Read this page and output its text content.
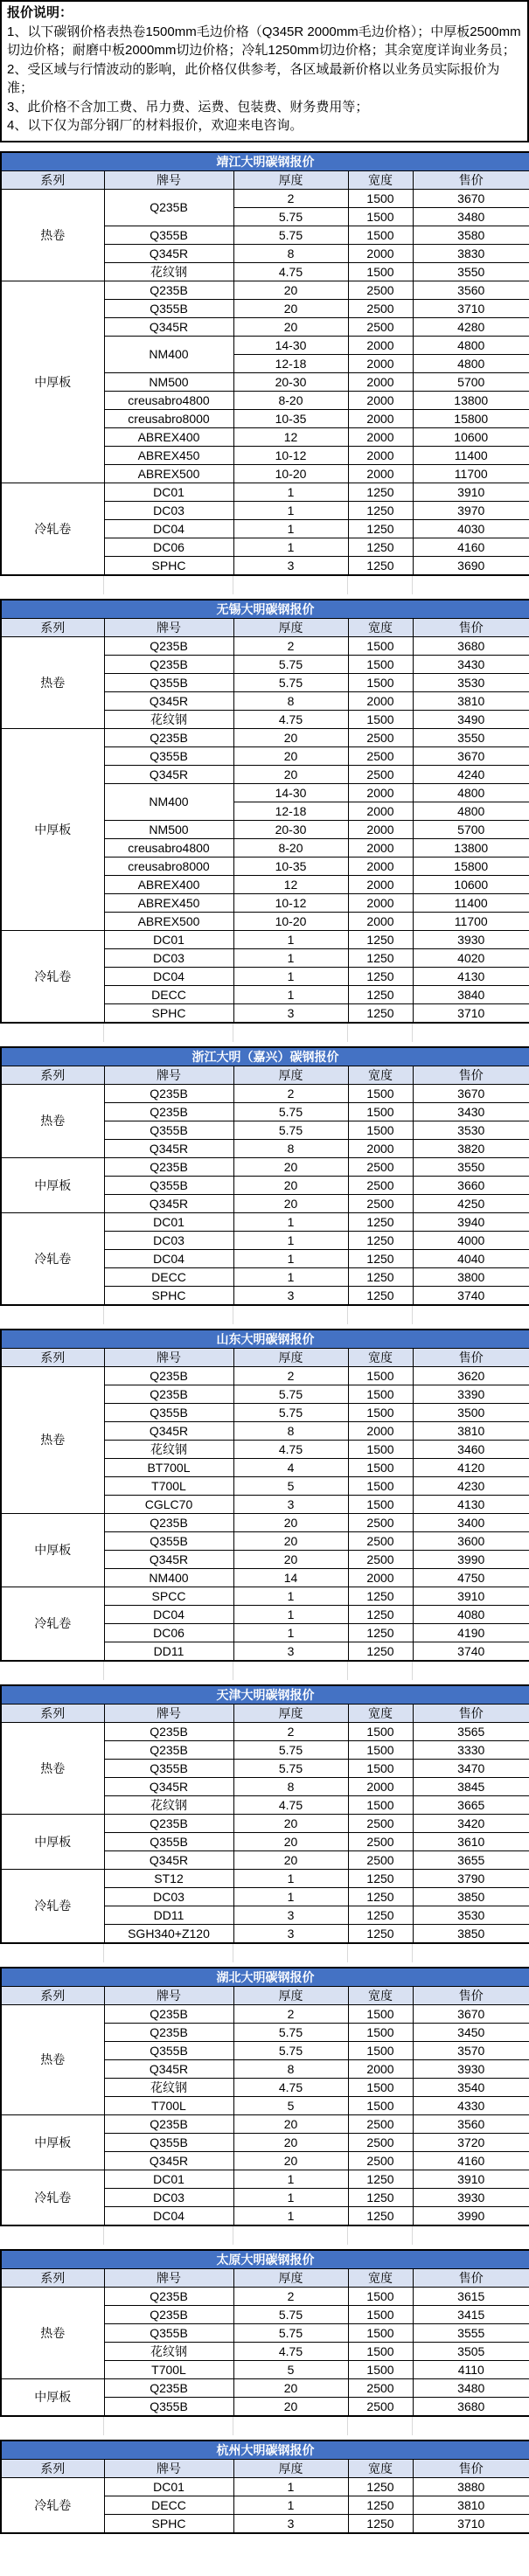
报价说明：

1、以下碳钢价格表热卷1500mm毛边价格（Q345R 2000mm毛边价格）；中厚板2500mm切边价格；耐磨中板2000mm切边价格；冷轧1250mm切边价格；其余宽度详询业务员；

2、受区域与行情波动的影响，此价格仅供参考，各区域最新价格以业务员实际报价为准；

3、此价格不含加工费、吊力费、运费、包装费、财务费用等；

4、以下仅为部分钢厂的材料报价，欢迎来电咨询。

靖江大明碳钢报价				
系列	牌号	厚度	宽度	售价
热卷	Q235B	2	1500	3670
		5.75	1500	3480
	Q355B	5.75	1500	3580
	Q345R	8	2000	3830
	花纹钢	4.75	1500	3550
中厚板	Q235B	20	2500	3560
	Q355B	20	2500	3710
	Q345R	20	2500	4280
	NM400	14-30	2000	4800
		12-18	2000	4800
	NM500	20-30	2000	5700
	creusabro4800	8-20	2000	13800
	creusabro8000	10-35	2000	15800
	ABREX400	12	2000	10600
	ABREX450	10-12	2000	11400
	ABREX500	10-20	2000	11700
冷轧卷	DC01	1	1250	3910
	DC03	1	1250	3970
	DC04	1	1250	4030
	DC06	1	1250	4160
	SPHC	3	1250	3690
无锡大明碳钢报价				
系列	牌号	厚度	宽度	售价
热卷	Q235B	2	1500	3680
	Q235B	5.75	1500	3430
	Q355B	5.75	1500	3530
	Q345R	8	2000	3810
	花纹钢	4.75	1500	3490
中厚板	Q235B	20	2500	3550
	Q355B	20	2500	3670
	Q345R	20	2500	4240
	NM400	14-30	2000	4800
		12-18	2000	4800
	NM500	20-30	2000	5700
	creusabro4800	8-20	2000	13800
	creusabro8000	10-35	2000	15800
	ABREX400	12	2000	10600
	ABREX450	10-12	2000	11400
	ABREX500	10-20	2000	11700
冷轧卷	DC01	1	1250	3930
	DC03	1	1250	4020
	DC04	1	1250	4130
	DECC	1	1250	3840
	SPHC	3	1250	3710
浙江大明（嘉兴）碳钢报价				
系列	牌号	厚度	宽度	售价
热卷	Q235B	2	1500	3670
	Q235B	5.75	1500	3430
	Q355B	5.75	1500	3530
	Q345R	8	2000	3820
中厚板	Q235B	20	2500	3550
	Q355B	20	2500	3660
	Q345R	20	2500	4250
冷轧卷	DC01	1	1250	3940
	DC03	1	1250	4000
	DC04	1	1250	4040
	DECC	1	1250	3800
	SPHC	3	1250	3740
山东大明碳钢报价				
系列	牌号	厚度	宽度	售价
热卷	Q235B	2	1500	3620
	Q235B	5.75	1500	3390
	Q355B	5.75	1500	3500
	Q345R	8	2000	3810
	花纹钢	4.75	1500	3460
	BT700L	4	1500	4120
	T700L	5	1500	4230
	CGLC70	3	1500	4130
中厚板	Q235B	20	2500	3400
	Q355B	20	2500	3600
	Q345R	20	2500	3990
	NM400	14	2000	4750
冷轧卷	SPCC	1	1250	3910
	DC04	1	1250	4080
	DC06	1	1250	4190
	DD11	3	1250	3740
天津大明碳钢报价				
系列	牌号	厚度	宽度	售价
热卷	Q235B	2	1500	3565
	Q235B	5.75	1500	3330
	Q355B	5.75	1500	3470
	Q345R	8	2000	3845
	花纹钢	4.75	1500	3665
中厚板	Q235B	20	2500	3420
	Q355B	20	2500	3610
	Q345R	20	2500	3655
冷轧卷	ST12	1	1250	3790
	DC03	1	1250	3850
	DD11	3	1250	3530
	SGH340+Z120	3	1250	3850
湖北大明碳钢报价				
系列	牌号	厚度	宽度	售价
热卷	Q235B	2	1500	3670
	Q235B	5.75	1500	3450
	Q355B	5.75	1500	3570
	Q345R	8	2000	3930
	花纹钢	4.75	1500	3540
	T700L	5	1500	4330
中厚板	Q235B	20	2500	3560
	Q355B	20	2500	3720
	Q345R	20	2500	4160
冷轧卷	DC01	1	1250	3910
	DC03	1	1250	3930
	DC04	1	1250	3990
太原大明碳钢报价				
系列	牌号	厚度	宽度	售价
热卷	Q235B	2	1500	3615
	Q235B	5.75	1500	3415
	Q355B	5.75	1500	3555
	花纹钢	4.75	1500	3505
	T700L	5	1500	4110
中厚板	Q235B	20	2500	3480
	Q355B	20	2500	3680
杭州大明碳钢报价				
系列	牌号	厚度	宽度	售价
冷轧卷	DC01	1	1250	3880
	DECC	1	1250	3810
	SPHC	3	1250	3710
